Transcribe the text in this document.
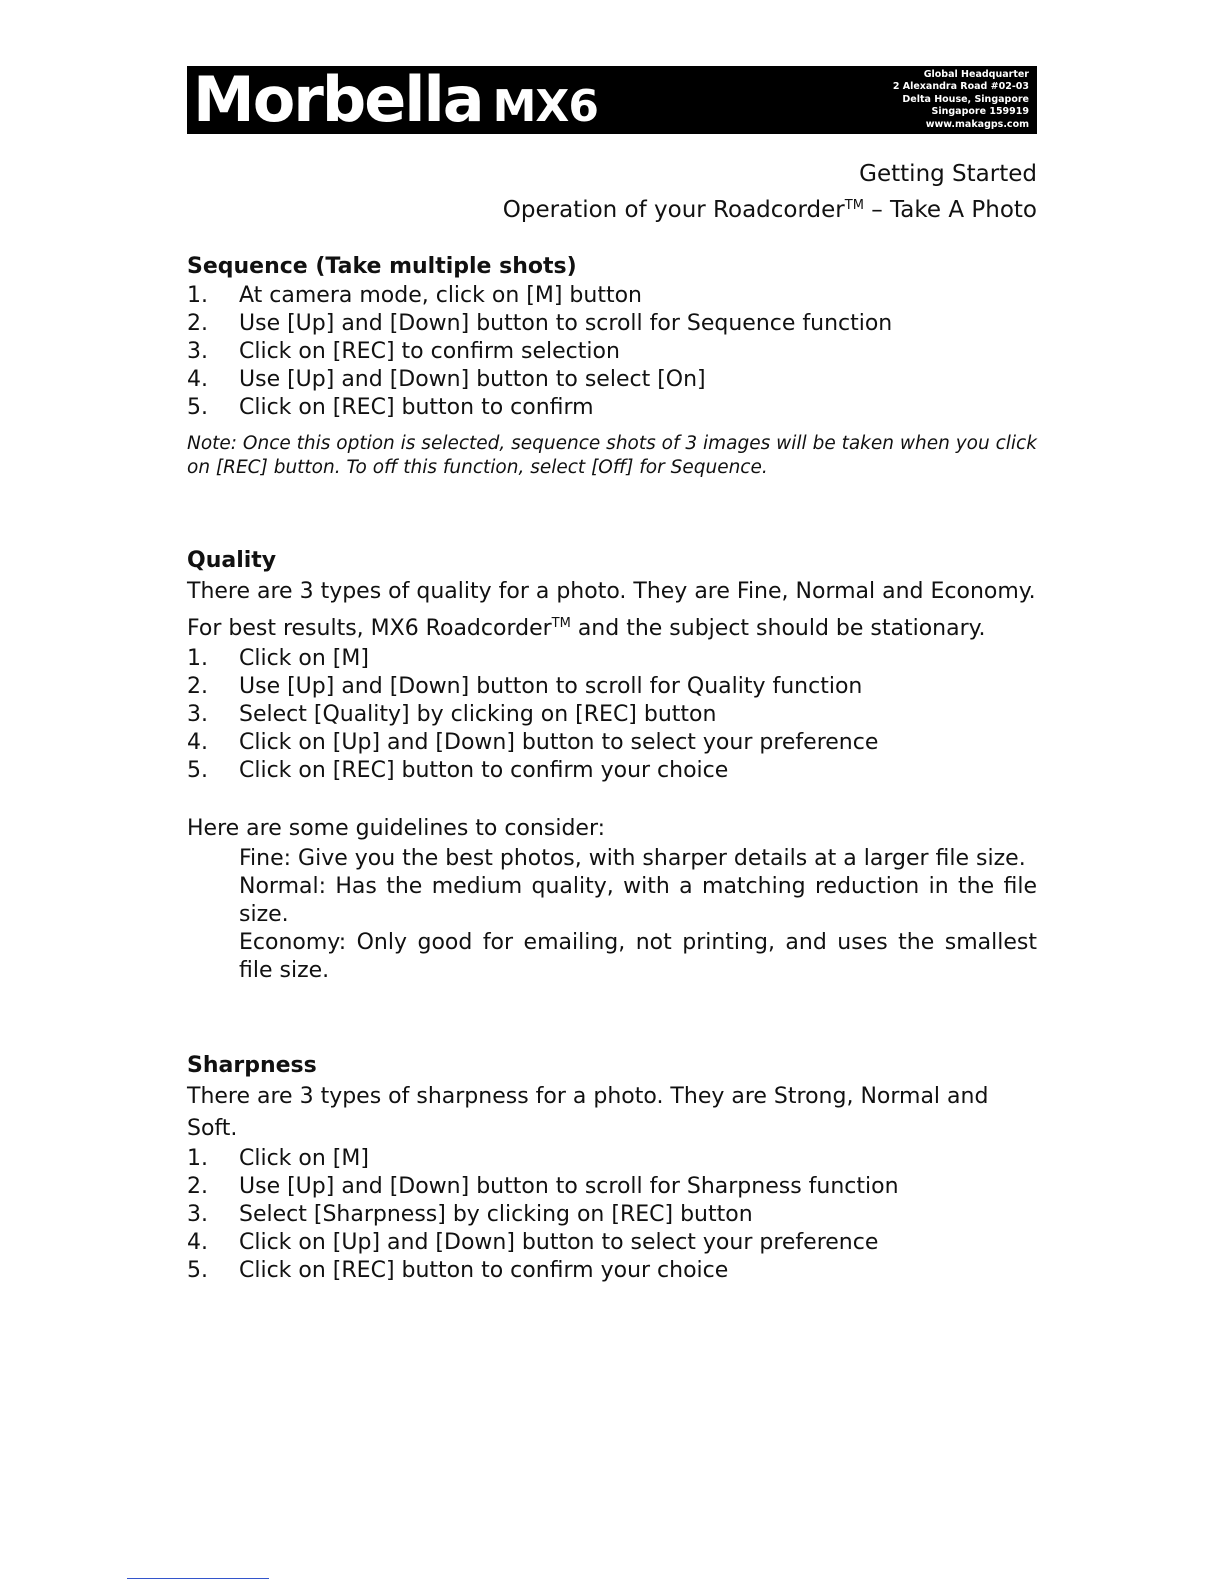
Morbella MX6
Global Headquarter
2 Alexandra Road #02-03
Delta House, Singapore
Singapore 159919
www.makagps.com
Getting Started
Operation of your Roadcorder™ – Take A Photo
Sequence (Take multiple shots)
1. At camera mode, click on [M] button
2. Use [Up] and [Down] button to scroll for Sequence function
3. Click on [REC] to confirm selection
4. Use [Up] and [Down] button to select [On]
5. Click on [REC] button to confirm

Note: Once this option is selected, sequence shots of 3 images will be taken when you click on [REC] button. To off this function, select [Off] for Sequence.

Quality

There are 3 types of quality for a photo. They are Fine, Normal and Economy.

For best results, MX6 Roadcorder™ and the subject should be stationary.

1. Click on [M]
2. Use [Up] and [Down] button to scroll for Quality function
3. Select [Quality] by clicking on [REC] button
4. Click on [Up] and [Down] button to select your preference
5. Click on [REC] button to confirm your choice

Here are some guidelines to consider:

Fine: Give you the best photos, with sharper details at a larger file size.
Normal: Has the medium quality, with a matching reduction in the file size.
Economy: Only good for emailing, not printing, and uses the smallest file size.
Sharpness

There are 3 types of sharpness for a photo. They are Strong, Normal and Soft.

1. Click on [M]
2. Use [Up] and [Down] button to scroll for Sharpness function
3. Select [Sharpness] by clicking on [REC] button
4. Click on [Up] and [Down] button to select your preference
5. Click on [REC] button to confirm your choice
